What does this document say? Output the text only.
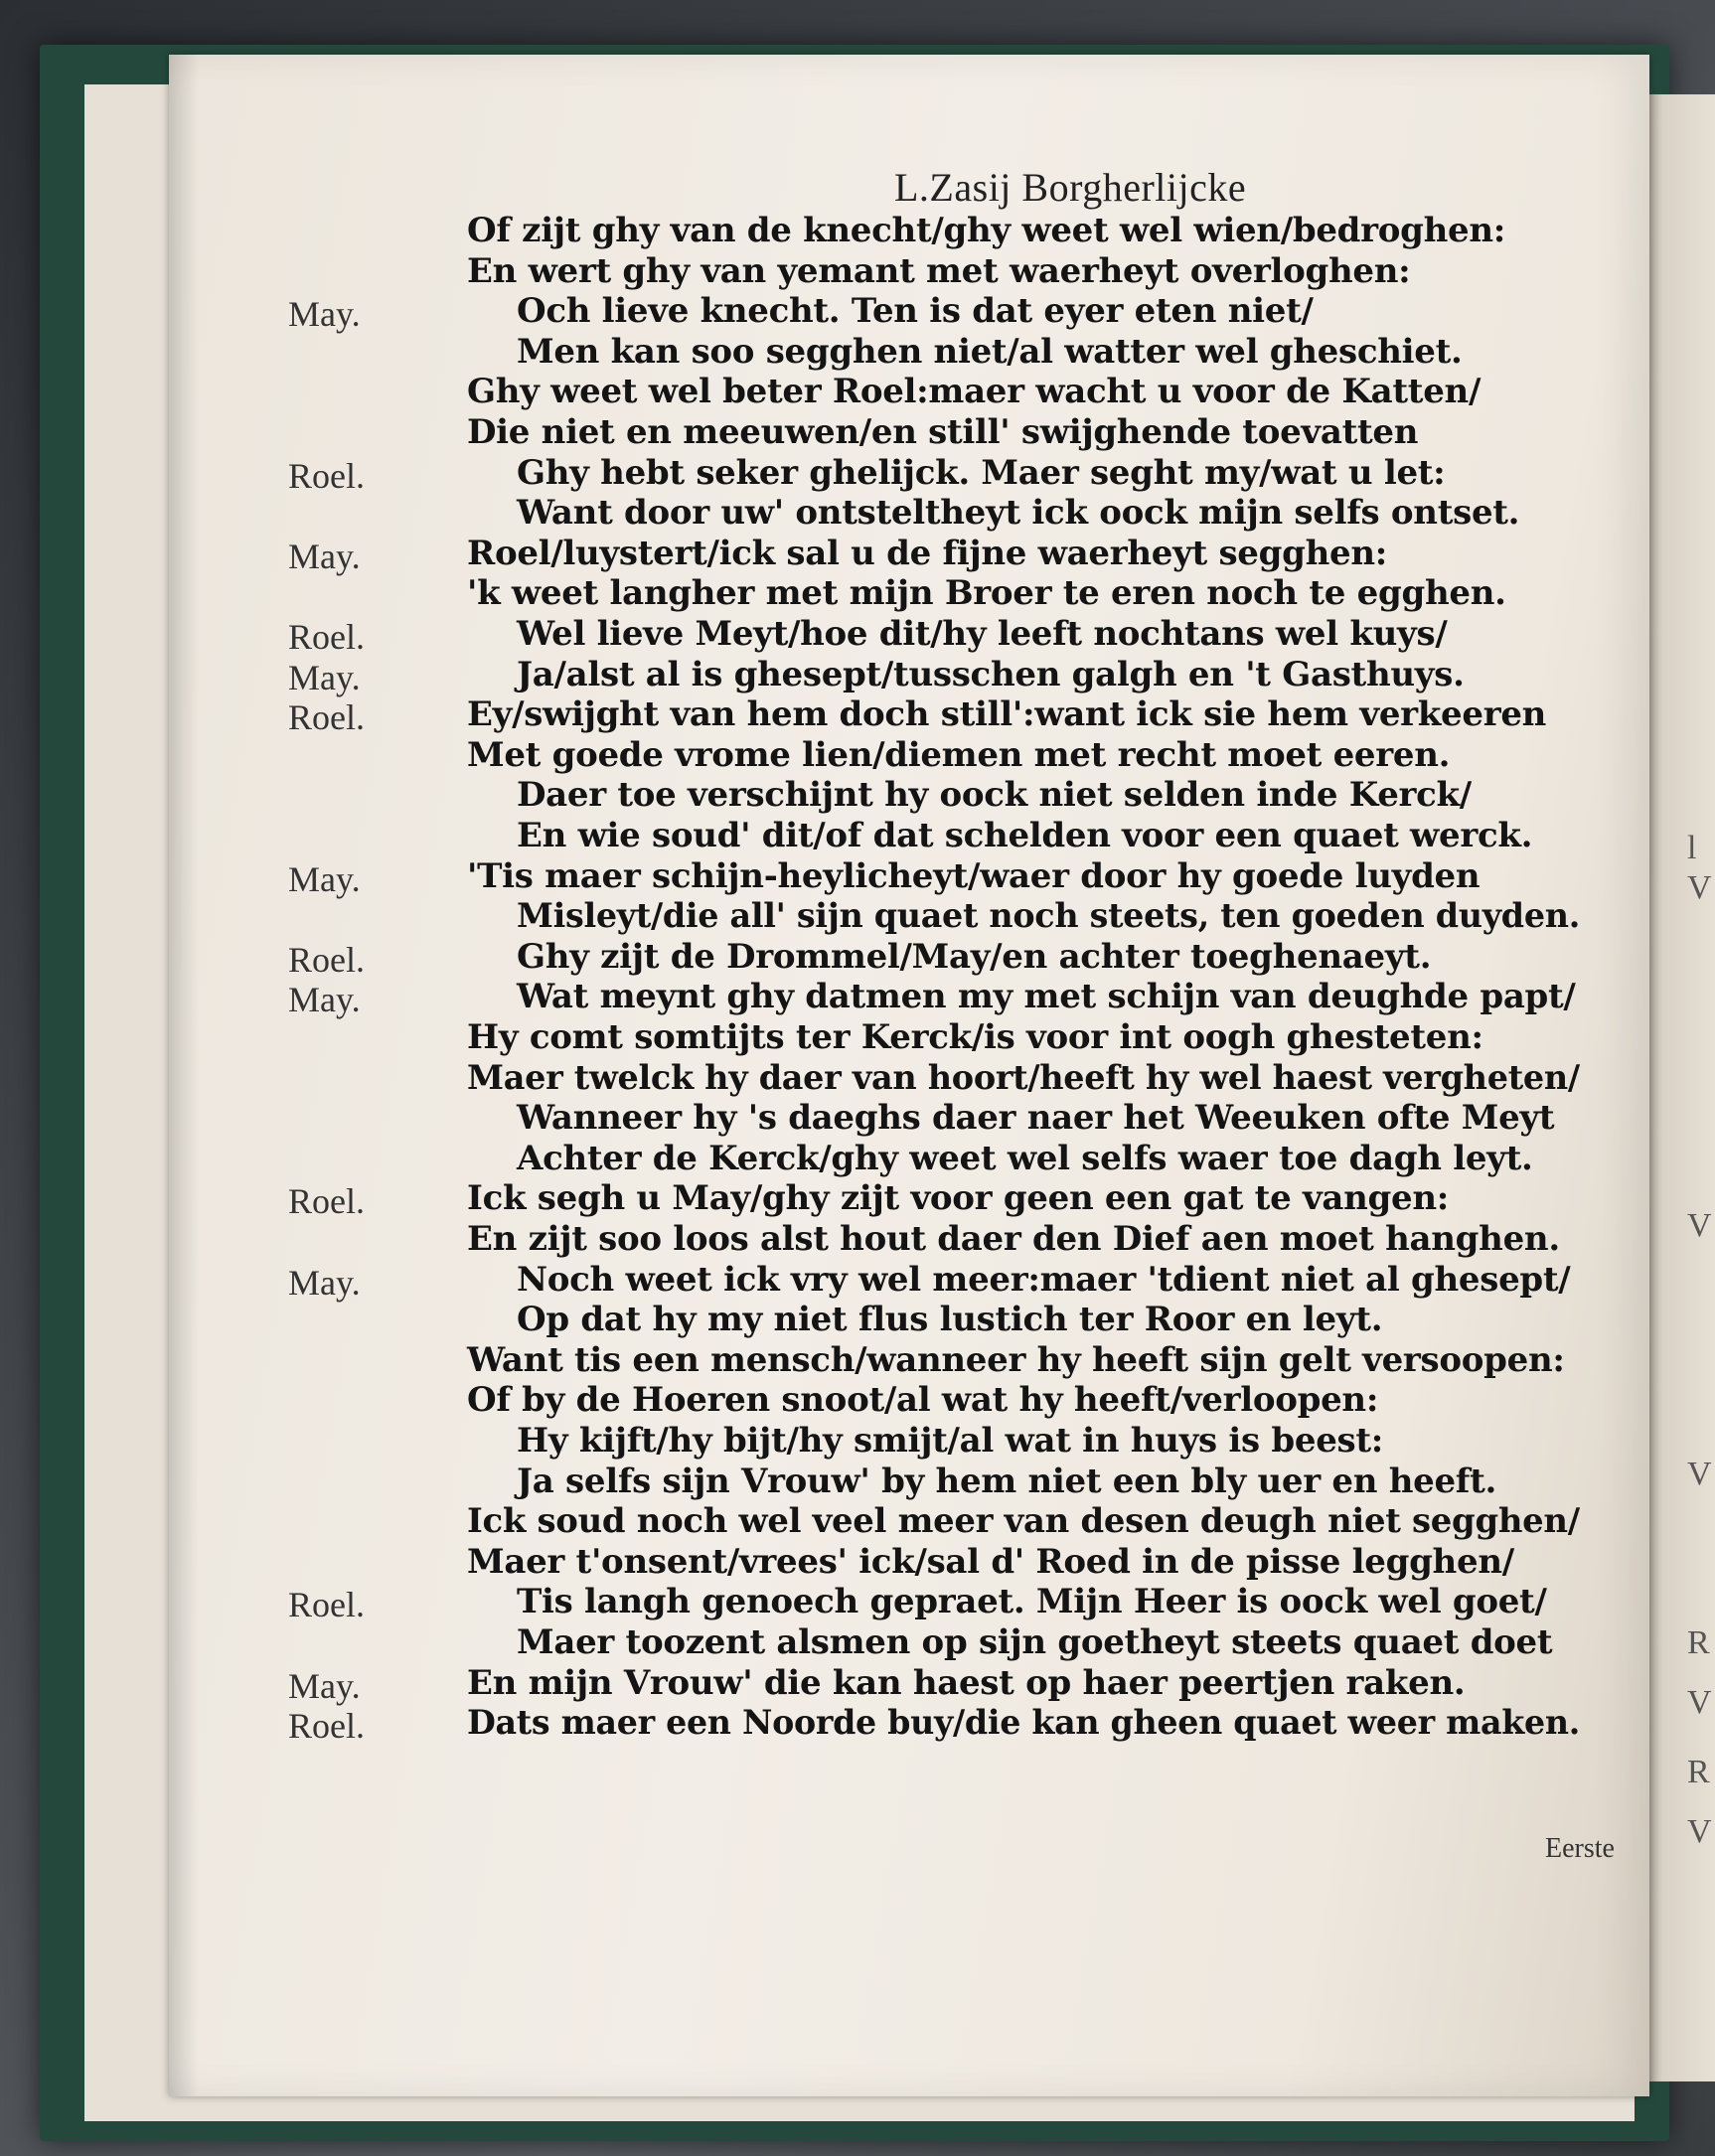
l
V
V
V
R
V
R
V
L.Zasij Borgherlijcke
Of zijt ghy van de knecht/ghy weet wel wien/bedroghen:
En wert ghy van yemant met waerheyt overloghen:
Och lieve knecht. Ten is dat eyer eten niet/
May.
Men kan soo segghen niet/al watter wel gheschiet.
Ghy weet wel beter Roel:maer wacht u voor de Katten/
Die niet en meeuwen/en still' swijghende toevatten
Ghy hebt seker ghelijck. Maer seght my/wat u let:
Roel.
Want door uw' ontsteltheyt ick oock mijn selfs ontset.
Roel/luystert/ick sal u de fijne waerheyt segghen:
May.
'k weet langher met mijn Broer te eren noch te egghen.
Wel lieve Meyt/hoe dit/hy leeft nochtans wel kuys/
Roel.
Ja/alst al is ghesept/tusschen galgh en 't Gasthuys.
May.
Ey/swijght van hem doch still':want ick sie hem verkeeren
Roel.
Met goede vrome lien/diemen met recht moet eeren.
Daer toe verschijnt hy oock niet selden inde Kerck/
En wie soud' dit/of dat schelden voor een quaet werck.
'Tis maer schijn-heylicheyt/waer door hy goede luyden
May.
Misleyt/die all' sijn quaet noch steets, ten goeden duyden.
Ghy zijt de Drommel/May/en achter toeghenaeyt.
Roel.
Wat meynt ghy datmen my met schijn van deughde papt/
May.
Hy comt somtijts ter Kerck/is voor int oogh ghesteten:
Maer twelck hy daer van hoort/heeft hy wel haest vergheten/
Wanneer hy 's daeghs daer naer het Weeuken ofte Meyt
Achter de Kerck/ghy weet wel selfs waer toe dagh leyt.
Ick segh u May/ghy zijt voor geen een gat te vangen:
Roel.
En zijt soo loos alst hout daer den Dief aen moet hanghen.
Noch weet ick vry wel meer:maer 'tdient niet al ghesept/
May.
Op dat hy my niet flus lustich ter Roor en leyt.
Want tis een mensch/wanneer hy heeft sijn gelt versoopen:
Of by de Hoeren snoot/al wat hy heeft/verloopen:
Hy kijft/hy bijt/hy smijt/al wat in huys is beest:
Ja selfs sijn Vrouw' by hem niet een bly uer en heeft.
Ick soud noch wel veel meer van desen deugh niet segghen/
Maer t'onsent/vrees' ick/sal d' Roed in de pisse legghen/
Tis langh genoech gepraet. Mijn Heer is oock wel goet/
Roel.
Maer toozent alsmen op sijn goetheyt steets quaet doet
En mijn Vrouw' die kan haest op haer peertjen raken.
May.
Dats maer een Noorde buy/die kan gheen quaet weer maken.
Roel.
Eerste
